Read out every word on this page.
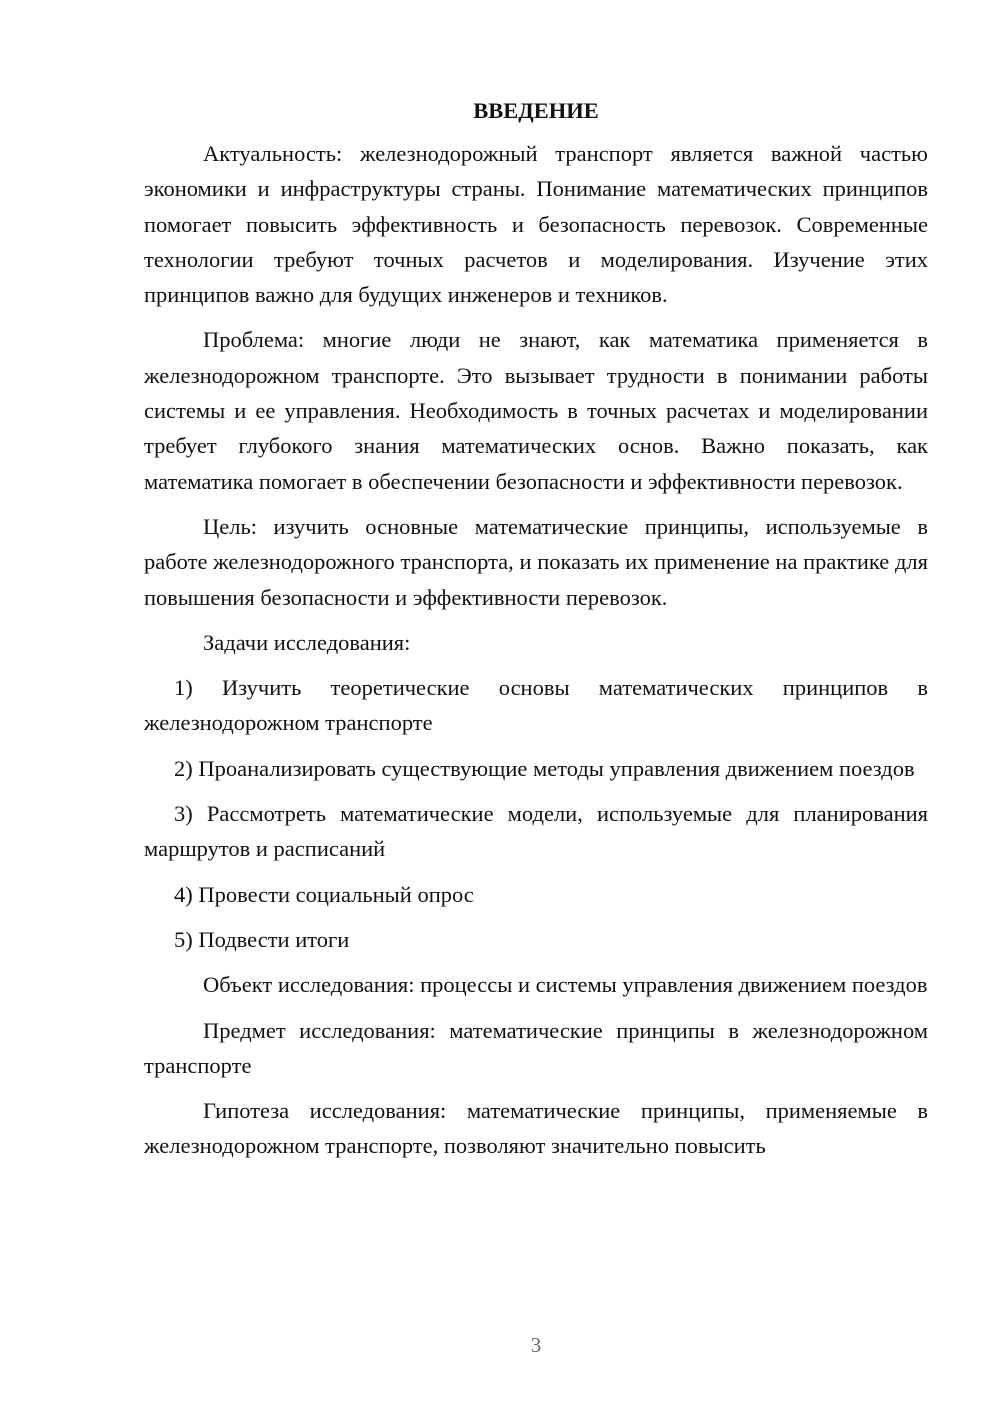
ВВЕДЕНИЕ

Актуальность: железнодорожный транспорт является важной частью экономики и инфраструктуры страны. Понимание математических принципов помогает повысить эффективность и безопасность перевозок. Современные технологии требуют точных расчетов и моделирования. Изучение этих принципов важно для будущих инженеров и техников.

Проблема: многие люди не знают, как математика применяется в железнодорожном транспорте. Это вызывает трудности в понимании работы системы и ее управления. Необходимость в точных расчетах и моделировании требует глубокого знания математических основ. Важно показать, как математика помогает в обеспечении безопасности и эффективности перевозок.

Цель: изучить основные математические принципы, используемые в работе железнодорожного транспорта, и показать их применение на практике для повышения безопасности и эффективности перевозок.

Задачи исследования:

1) Изучить теоретические основы математических принципов в железнодорожном транспорте

2) Проанализировать существующие методы управления движением поездов

3) Рассмотреть математические модели, используемые для планирования маршрутов и расписаний

4) Провести социальный опрос

5) Подвести итоги

Объект исследования: процессы и системы управления движением поездов

Предмет исследования: математические принципы в железнодорожном транспорте

Гипотеза исследования: математические принципы, применяемые в железнодорожном транспорте, позволяют значительно повысить

3
